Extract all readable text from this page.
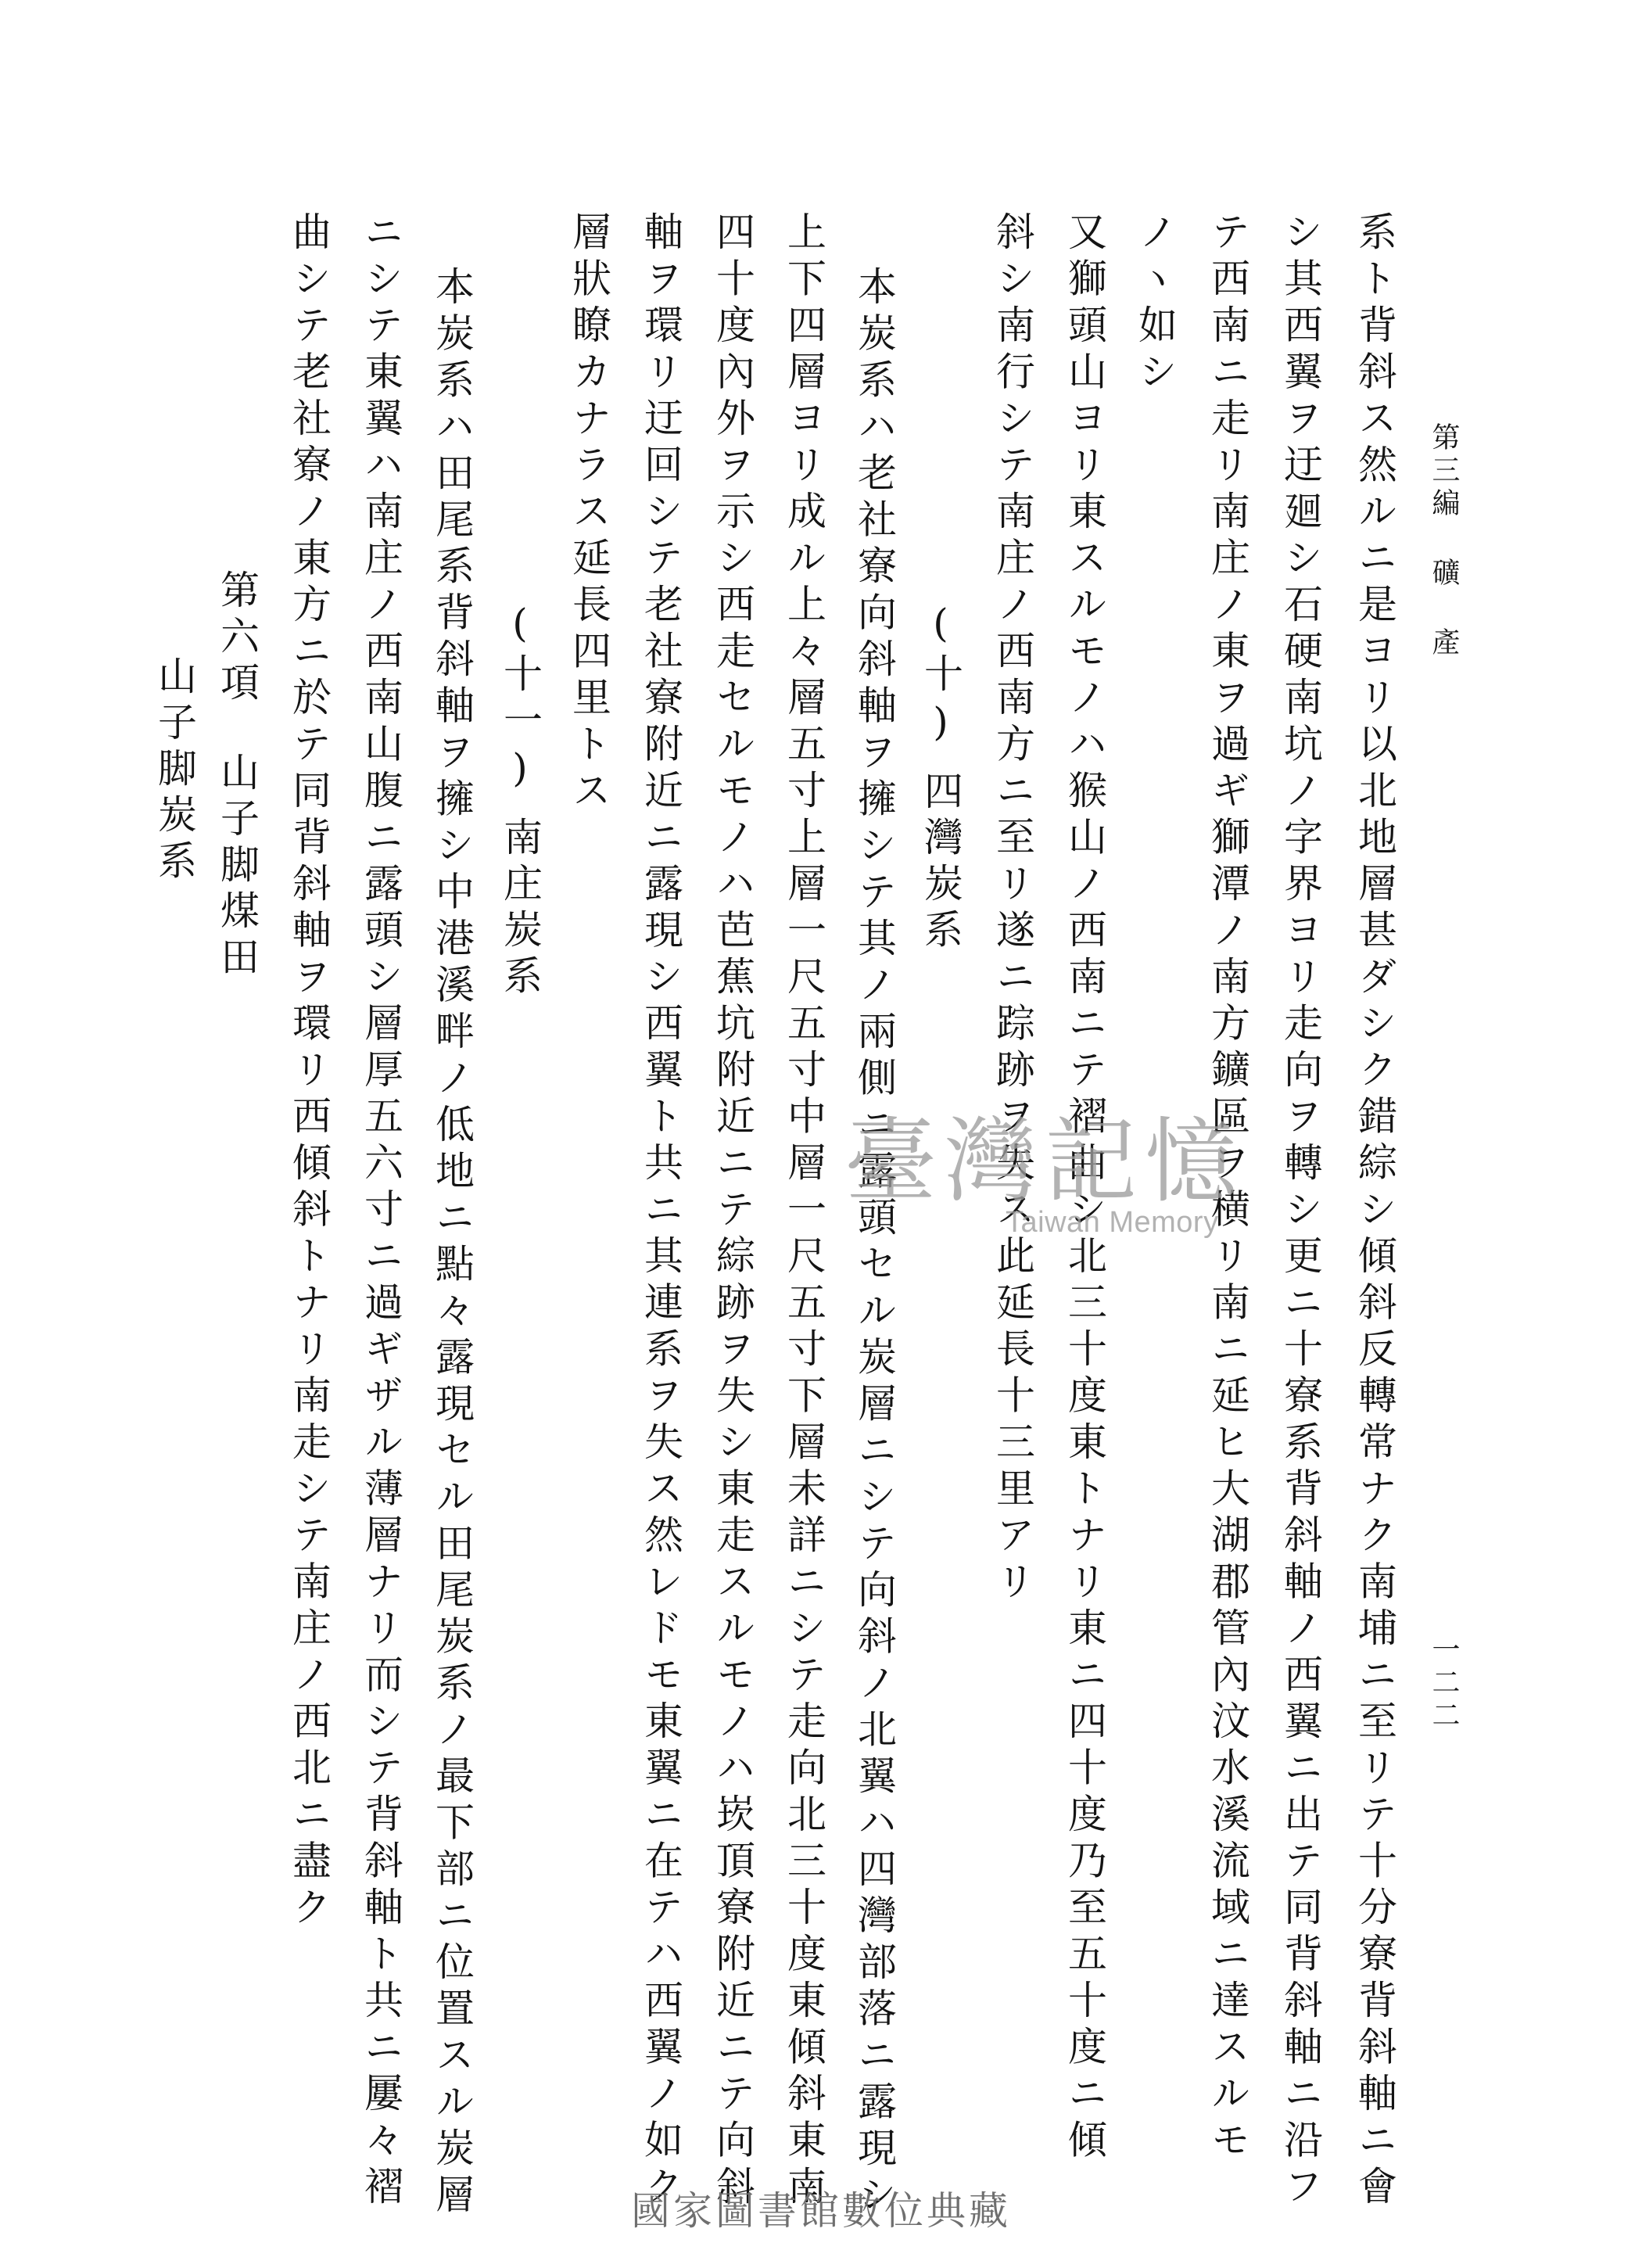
第三編 礦 產
一二二
系ト背斜ス然ルニ是ヨリ以北地層甚ダシク錯綜シ傾斜反轉常ナク南埔ニ至リテ十分寮背斜軸ニ會
シ其西翼ヲ迂廻シ石硬南坑ノ字界ヨリ走向ヲ轉シ更ニ十寮系背斜軸ノ西翼ニ出テ同背斜軸ニ沿フ
テ西南ニ走リ南庄ノ東ヲ過ギ獅潭ノ南方鑛區ヲ横リ南ニ延ヒ大湖郡管內汶水溪流域ニ達スルモ
ノヽ如シ
又獅頭山ヨリ東スルモノハ猴山ノ西南ニテ褶曲シ北三十度東トナリ東ニ四十度乃至五十度ニ傾
斜シ南行シテ南庄ノ西南方ニ至リ遂ニ踪跡ヲ失ス此延長十三里アリ
(十)四灣炭系
本炭系ハ老社寮向斜軸ヲ擁シテ其ノ兩側ニ露頭セル炭層ニシテ向斜ノ北翼ハ四灣部落ニ露現シ
上下四層ヨリ成ル上々層五寸上層一尺五寸中層一尺五寸下層未詳ニシテ走向北三十度東傾斜東南
四十度內外ヲ示シ西走セルモノハ芭蕉坑附近ニテ綜跡ヲ失シ東走スルモノハ崁頂寮附近ニテ向斜
軸ヲ環リ迂回シテ老社寮附近ニ露現シ西翼ト共ニ其連系ヲ失ス然レドモ東翼ニ在テハ西翼ノ如ク
層狀瞭カナラス延長四里トス
(十一)南庄炭系
本炭系ハ田尾系背斜軸ヲ擁シ中港溪畔ノ低地ニ點々露現セル田尾炭系ノ最下部ニ位置スル炭層
ニシテ東翼ハ南庄ノ西南山腹ニ露頭シ層厚五六寸ニ過ギザル薄層ナリ而シテ背斜軸ト共ニ屢々褶
曲シテ老社寮ノ東方ニ於テ同背斜軸ヲ環リ西傾斜トナリ南走シテ南庄ノ西北ニ盡ク
第六項山子脚煤田
山子脚炭系
臺灣記憶
Taiwan Memory
國家圖書館數位典藏
